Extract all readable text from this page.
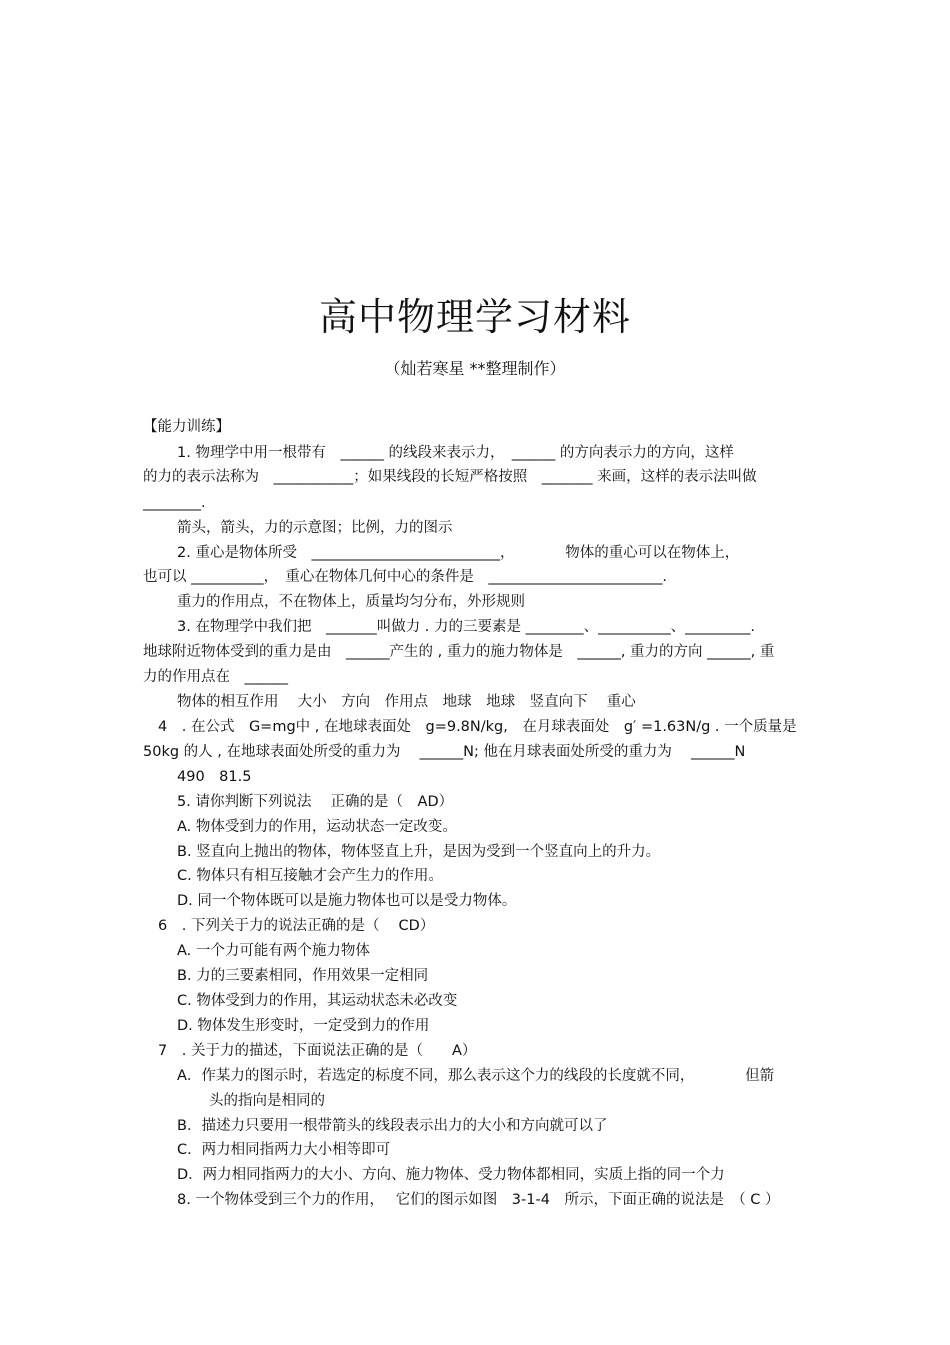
高中物理学习材料
（灿若寒星 **整理制作）
【能力训练】
1. 物理学中用一根带有　______ 的线段来表示力，　______ 的方向表示力的方向，这样
的力的表示法称为　___________；如果线段的长短严格按照　_______ 来画，这样的表示法叫做
________.
箭头，箭头，力的示意图；比例，力的图示
2. 重心是物体所受　__________________________，　　　　物体的重心可以在物体上，
也可以 __________，　重心在物体几何中心的条件是　________________________.
重力的作用点，不在物体上，质量均匀分布，外形规则
3. 在物理学中我们把　_______叫做力 . 力的三要素是 ________、__________、_________.
地球附近物体受到的重力是由　______产生的 , 重力的施力物体是　______, 重力的方向 ______, 重
力的作用点在　______
物体的相互作用　 大小　方向　作用点　地球　地球　竖直向下　 重心
4　. 在公式　G=mg中 , 在地球表面处　g=9.8N/kg,　在月球表面处　g′ =1.63N/g . 一个质量是
50kg 的人 , 在地球表面处所受的重力为　 ______N; 他在月球表面处所受的重力为　 ______N
490　81.5
5. 请你判断下列说法　 正确的是（　AD）
A. 物体受到力的作用，运动状态一定改变。
B. 竖直向上抛出的物体，物体竖直上升，是因为受到一个竖直向上的升力。
C. 物体只有相互接触才会产生力的作用。
D. 同一个物体既可以是施力物体也可以是受力物体。
6　. 下列关于力的说法正确的是（　 CD）
A. 一个力可能有两个施力物体
B. 力的三要素相同，作用效果一定相同
C. 物体受到力的作用，其运动状态未必改变
D. 物体发生形变时，一定受到力的作用
7　. 关于力的描述，下面说法正确的是（　　A）
A．作某力的图示时，若选定的标度不同，那么表示这个力的线段的长度就不同，　　　　但箭
头的指向是相同的
B．描述力只要用一根带箭头的线段表示出力的大小和方向就可以了
C．两力相同指两力大小相等即可
D．两力相同指两力的大小、方向、施力物体、受力物体都相同，实质上指的同一个力
8. 一个物体受到三个力的作用，　 它们的图示如图　3-1-4　所示，下面正确的说法是　（ C ）
